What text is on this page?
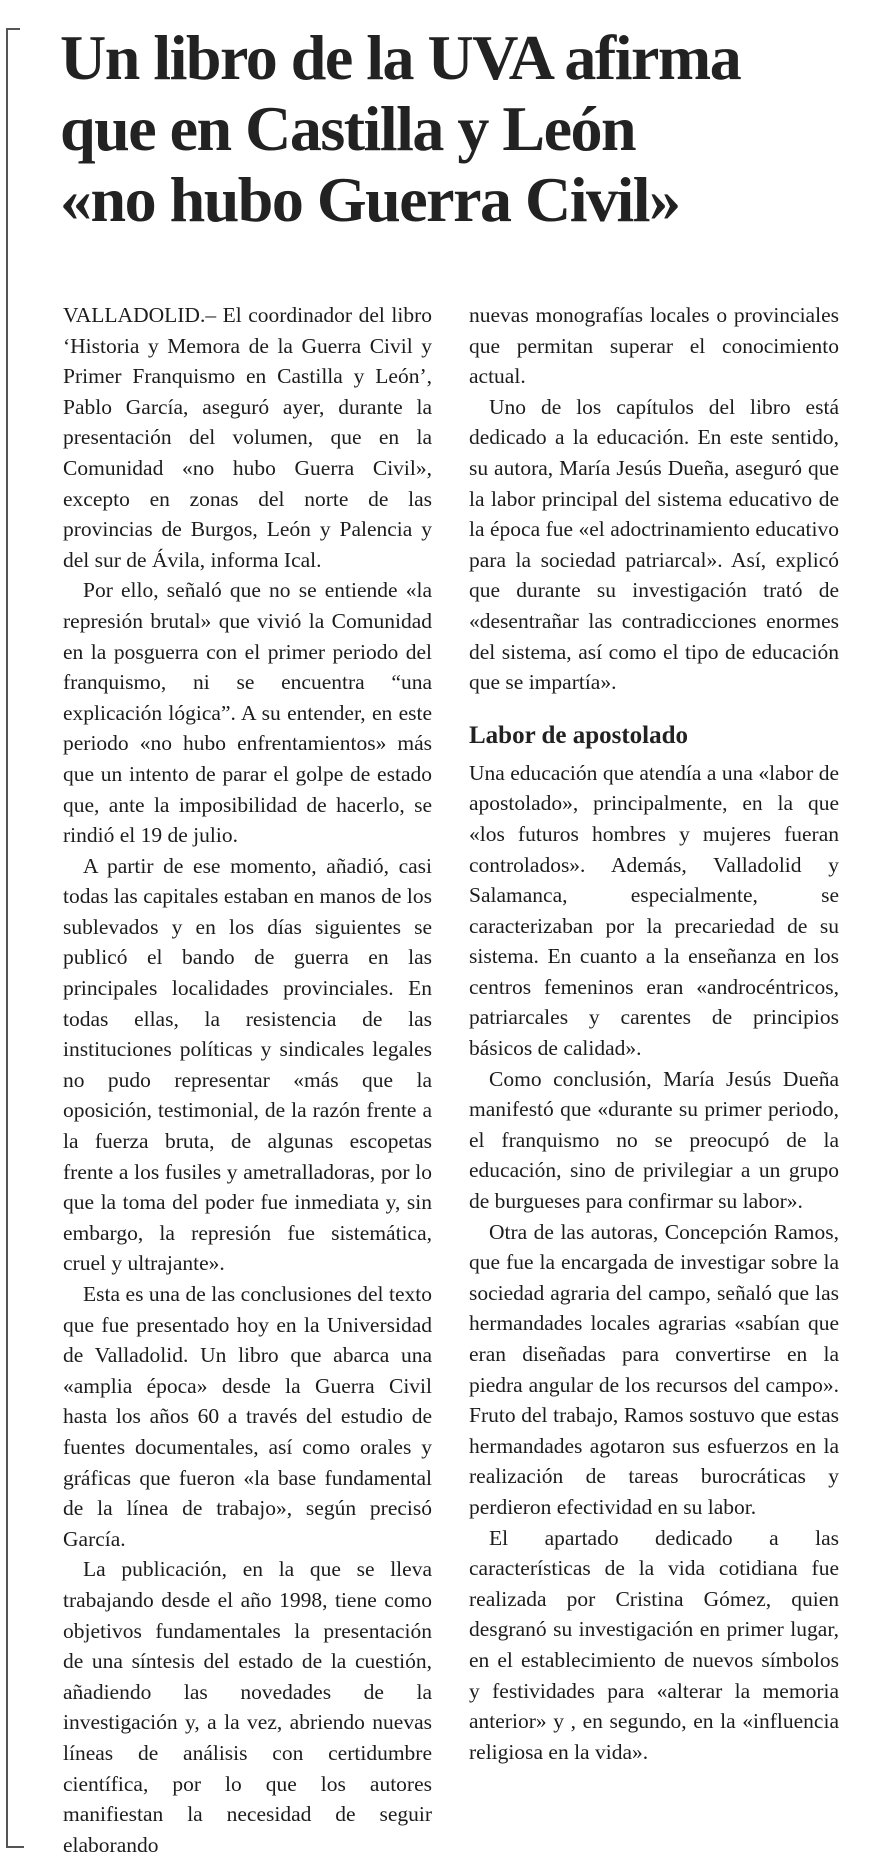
Un libro de la UVA afirma
que en Castilla y León
«no hubo Guerra Civil»

VALLADOLID.– El coordinador del libro ‘Historia y Memora de la Guerra Civil y Primer Franquismo en Castilla y León’, Pablo García, aseguró ayer, durante la presentación del volumen, que en la Comunidad «no hubo Guerra Civil», excepto en zonas del norte de las provincias de Burgos, León y Palencia y del sur de Ávila, informa Ical.

Por ello, señaló que no se entiende «la represión brutal» que vivió la Comunidad en la posguerra con el primer periodo del franquismo, ni se encuentra “una explicación lógica”. A su entender, en este periodo «no hubo enfrentamientos» más que un intento de parar el golpe de estado que, ante la imposibilidad de hacerlo, se rindió el 19 de julio.

A partir de ese momento, añadió, casi todas las capitales estaban en manos de los sublevados y en los días siguientes se publicó el bando de guerra en las principales localidades provinciales. En todas ellas, la resistencia de las instituciones políticas y sindicales legales no pudo representar «más que la oposición, testimonial, de la razón frente a la fuerza bruta, de algunas escopetas frente a los fusiles y ametralladoras, por lo que la toma del poder fue inmediata y, sin embargo, la represión fue sistemática, cruel y ultrajante».

Esta es una de las conclusiones del texto que fue presentado hoy en la Universidad de Valladolid. Un libro que abarca una «amplia época» desde la Guerra Civil hasta los años 60 a través del estudio de fuentes documentales, así como orales y gráficas que fueron «la base fundamental de la línea de trabajo», según precisó García.

La publicación, en la que se lleva trabajando desde el año 1998, tiene como objetivos fundamentales la presentación de una síntesis del estado de la cuestión, añadiendo las novedades de la investigación y, a la vez, abriendo nuevas líneas de análisis con certidumbre científica, por lo que los autores manifiestan la necesidad de seguir elaborando

nuevas monografías locales o provinciales que permitan superar el conocimiento actual.

Uno de los capítulos del libro está dedicado a la educación. En este sentido, su autora, María Jesús Dueña, aseguró que la labor principal del sistema educativo de la época fue «el adoctrinamiento educativo para la sociedad patriarcal». Así, explicó que durante su investigación trató de «desentrañar las contradicciones enormes del sistema, así como el tipo de educación que se impartía».

Labor de apostolado

Una educación que atendía a una «labor de apostolado», principalmente, en la que «los futuros hombres y mujeres fueran controlados». Además, Valladolid y Salamanca, especialmente, se caracterizaban por la precariedad de su sistema. En cuanto a la enseñanza en los centros femeninos eran «androcéntricos, patriarcales y carentes de principios básicos de calidad».

Como conclusión, María Jesús Dueña manifestó que «durante su primer periodo, el franquismo no se preocupó de la educación, sino de privilegiar a un grupo de burgueses para confirmar su labor».

Otra de las autoras, Concepción Ramos, que fue la encargada de investigar sobre la sociedad agraria del campo, señaló que las hermandades locales agrarias «sabían que eran diseñadas para convertirse en la piedra angular de los recursos del campo». Fruto del trabajo, Ramos sostuvo que estas hermandades agotaron sus esfuerzos en la realización de tareas burocráticas y perdieron efectividad en su labor.

El apartado dedicado a las características de la vida cotidiana fue realizada por Cristina Gómez, quien desgranó su investigación en primer lugar, en el establecimiento de nuevos símbolos y festividades para «alterar la memoria anterior» y , en segundo, en la «influencia religiosa en la vida».
